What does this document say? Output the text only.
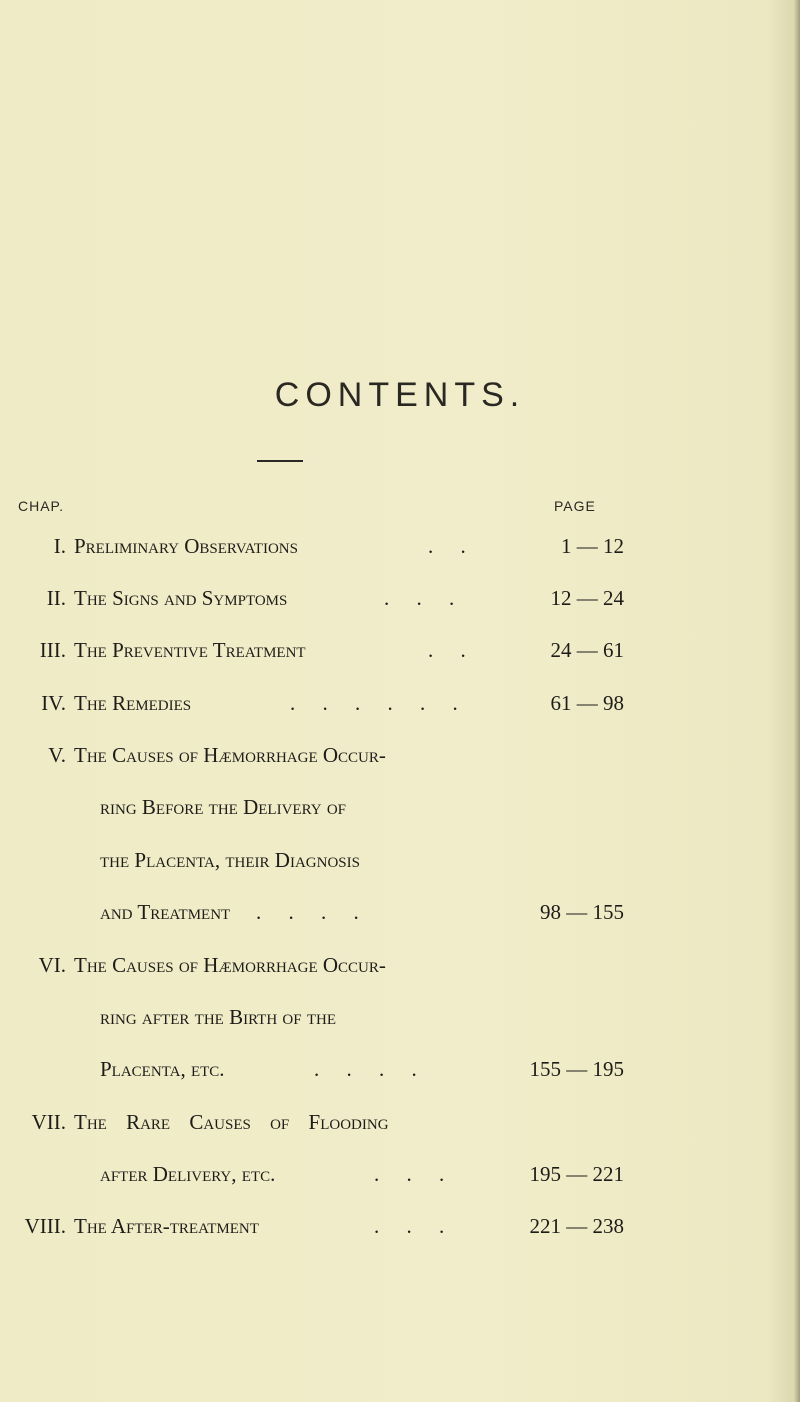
CONTENTS.
CHAP.	PAGE
I. Preliminary Observations	. .	1 — 12
II. The Signs and Symptoms	. . .	12 — 24
III. The Preventive Treatment	. .	24 — 61
IV. The Remedies	. . . . . .	61 — 98
V. The Causes of Hæmorrhage Occur-
ring Before the Delivery of
the Placenta, their Diagnosis
and Treatment . . . .	98 — 155
VI. The Causes of Hæmorrhage Occur-
ring after the Birth of the
Placenta, etc.	. . . .	155 — 195
VII. The Rare Causes of Flooding
after Delivery, etc.	. . .	195 — 221
VIII. The After-treatment	. . .	221 — 238
